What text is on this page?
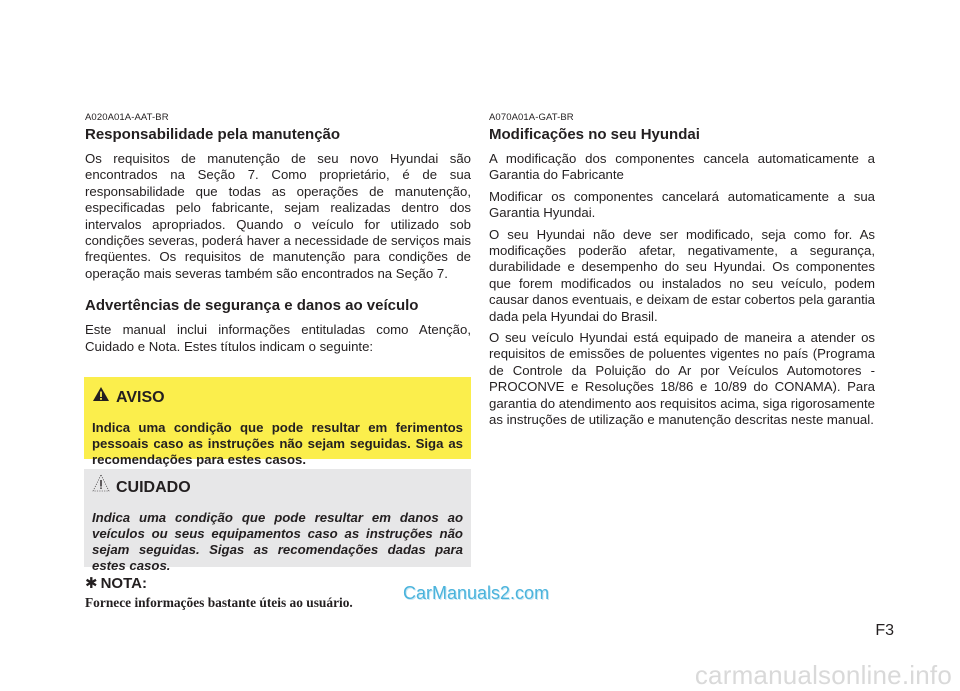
A020A01A-AAT-BR

Responsabilidade pela manutenção

Os requisitos de manutenção de seu novo Hyundai são encontrados na Seção 7. Como proprietário, é de sua responsabilidade que todas as operações de manutenção, especificadas pelo fabricante, sejam realizadas dentro dos intervalos apropriados. Quando o veículo for utilizado sob condições severas, poderá haver a necessidade de serviços mais freqüentes. Os requisitos de manutenção para condições de operação mais severas também são encontrados na Seção 7.

Advertências de segurança e danos ao veículo

Este manual inclui informações entituladas como Atenção, Cuidado e Nota. Estes títulos indicam o seguinte:

AVISO

Indica uma condição que pode resultar em ferimentos pessoais caso as instruções não sejam seguidas. Siga as recomendações para estes casos.

CUIDADO

Indica uma condição que pode resultar em danos ao veículos ou seus equipamentos caso as instruções não sejam seguidas. Sigas as recomendações dadas para estes casos.

✱ NOTA:
Fornece informações bastante úteis ao usuário.

A070A01A-GAT-BR

Modificações no seu Hyundai

A modificação dos componentes cancela automaticamente a Garantia do Fabricante

Modificar os componentes cancelará automaticamente a sua Garantia Hyundai.

O seu Hyundai não deve ser modificado, seja como for. As modificações poderão afetar, negativamente, a segurança, durabilidade e desempenho do seu Hyundai. Os componentes que forem modificados ou instalados no seu veículo, podem causar danos eventuais, e deixam de estar cobertos pela garantia dada pela Hyundai do Brasil.

O seu veículo Hyundai está equipado de maneira a atender os requisitos de emissões de poluentes vigentes no país (Programa de Controle da Poluição do Ar por Veículos Automotores - PROCONVE e Resoluções 18/86 e 10/89 do CONAMA). Para garantia do atendimento aos requisitos acima, siga rigorosamente as instruções de utilização e manutenção descritas neste manual.

CarManuals2.com
F3
carmanualsonline.info
